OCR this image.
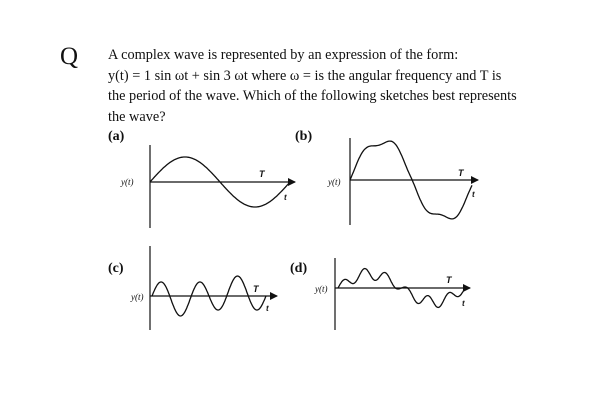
Q A complex wave is represented by an expression of the form:
y(t) = 1 sin ωt + sin 3 ωt where ω = is the angular frequency and T is
the period of the wave. Which of the following sketches best represents
the wave?

(a)	(b)
(c)	(d)
y(t)
T
t
y(t)
T
t
y(t)
T
t
y(t)
T
t
